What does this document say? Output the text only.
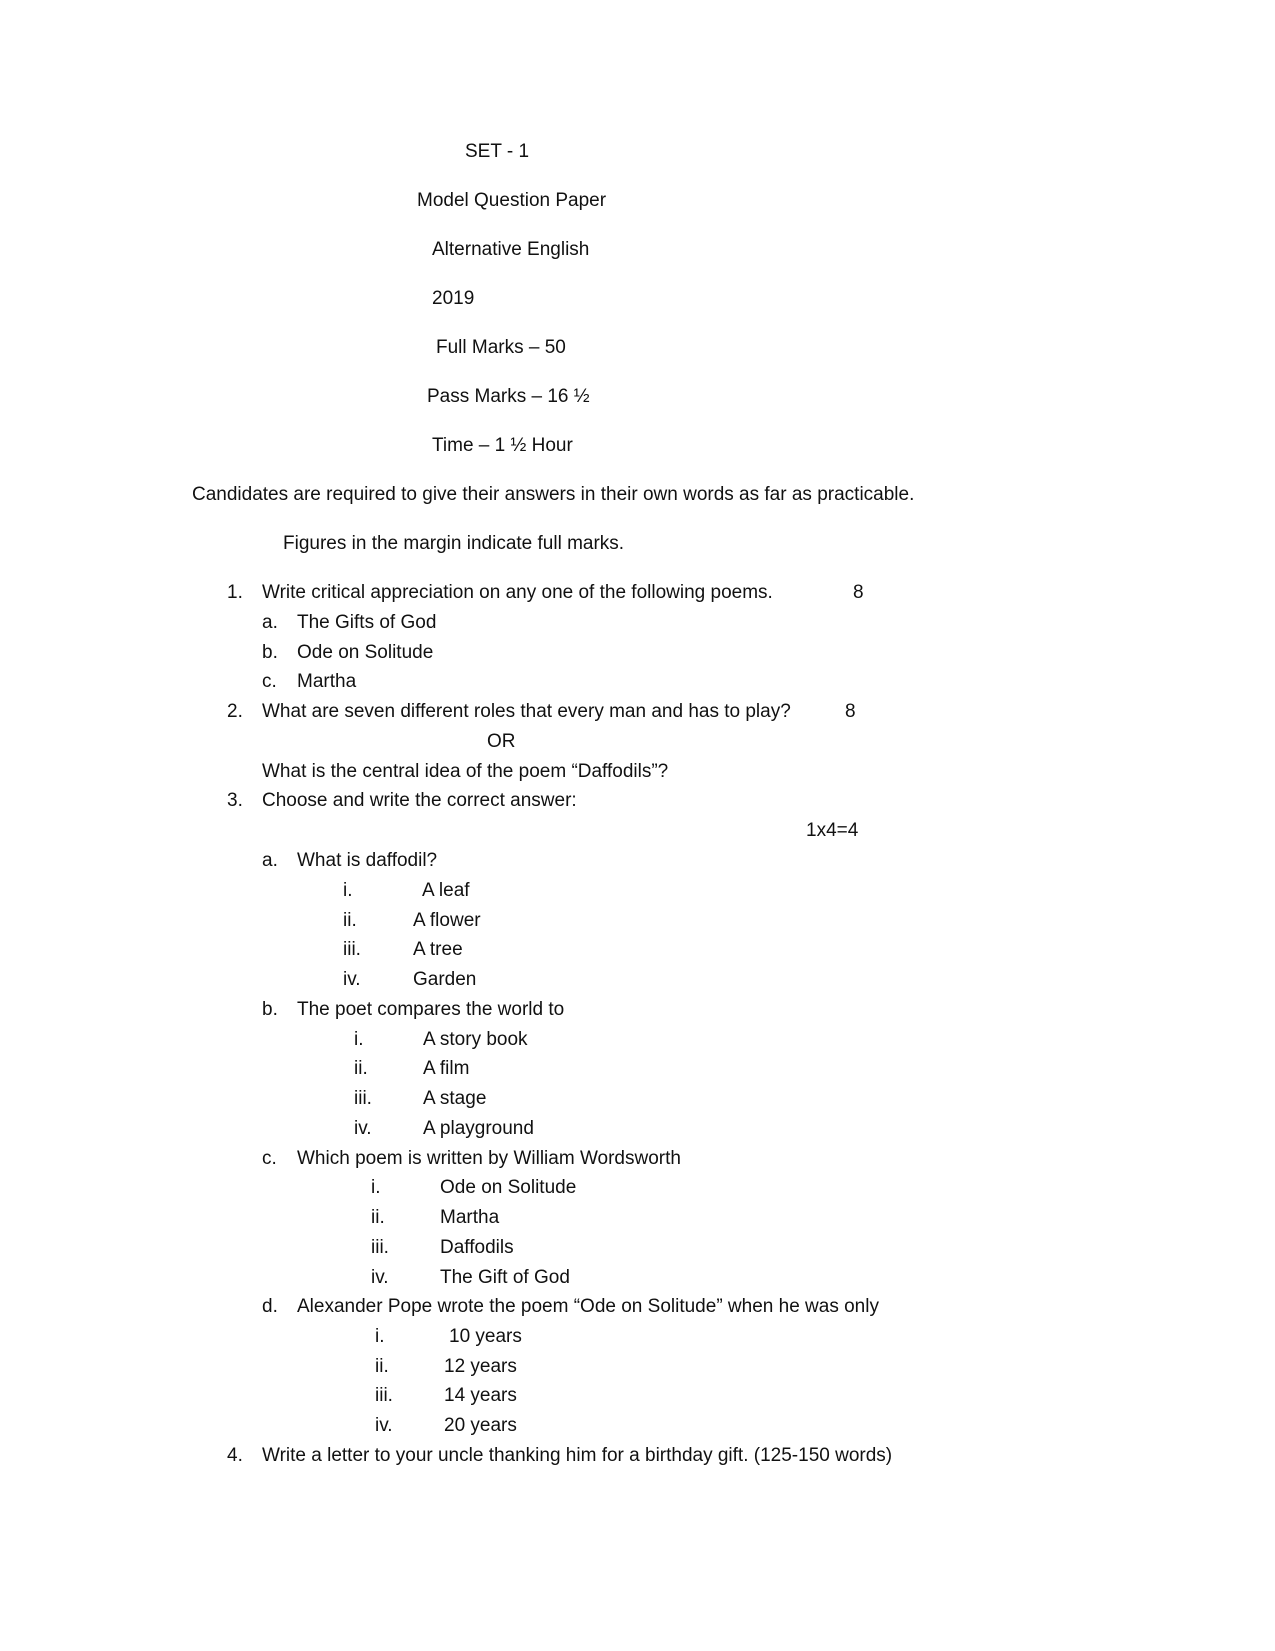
SET - 1
Model Question Paper
Alternative English
2019
Full Marks – 50
Pass Marks – 16 ½
Time – 1 ½ Hour
Candidates are required to give their answers in their own words as far as practicable.
Figures in the margin indicate full marks.
1. Write critical appreciation on any one of the following poems.	8
a. The Gifts of God
b. Ode on Solitude
c. Martha
2. What are seven different roles that every man and has to play?	8
OR
What is the central idea of the poem “Daffodils”?
3. Choose and write the correct answer:
1x4=4
a. What is daffodil?
i.	A leaf
ii.	A flower
iii.	A tree
iv.	Garden
b. The poet compares the world to
i.	A story book
ii.	A film
iii.	A stage
iv.	A playground
c. Which poem is written by William Wordsworth
i.	Ode on Solitude
ii.	Martha
iii.	Daffodils
iv.	The Gift of God
d. Alexander Pope wrote the poem “Ode on Solitude” when he was only
i.	10 years
ii.	12 years
iii.	14 years
iv.	20 years
4. Write a letter to your uncle thanking him for a birthday gift. (125-150 words)
